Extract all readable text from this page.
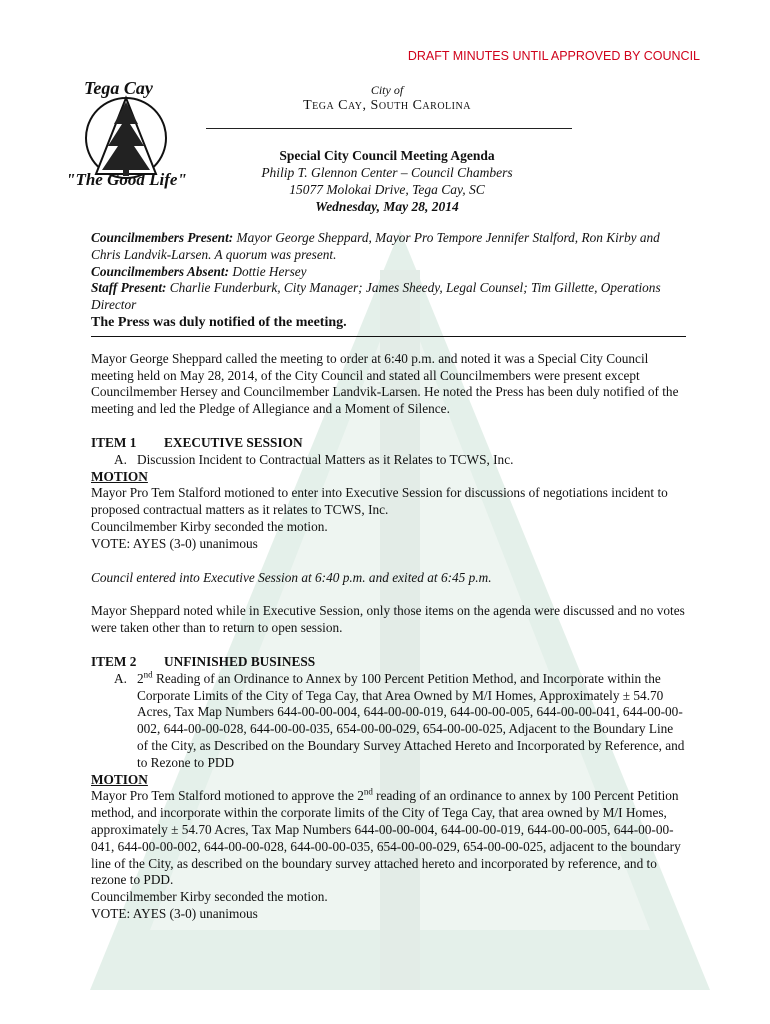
DRAFT MINUTES UNTIL APPROVED BY COUNCIL
Tega Cay
"The Good Life"
City of
Tega Cay, South Carolina
Special City Council Meeting Agenda
Philip T. Glennon Center – Council Chambers
15077 Molokai Drive, Tega Cay, SC
Wednesday, May 28, 2014

Councilmembers Present: Mayor George Sheppard, Mayor Pro Tempore Jennifer Stalford, Ron Kirby and Chris Landvik-Larsen. A quorum was present.

Councilmembers Absent: Dottie Hersey

Staff Present: Charlie Funderburk, City Manager; James Sheedy, Legal Counsel; Tim Gillette, Operations Director

The Press was duly notified of the meeting.

Mayor George Sheppard called the meeting to order at 6:40 p.m. and noted it was a Special City Council meeting held on May 28, 2014, of the City Council and stated all Councilmembers were present except Councilmember Hersey and Councilmember Landvik-Larsen. He noted the Press has been duly notified of the meeting and led the Pledge of Allegiance and a Moment of Silence.

ITEM 1 EXECUTIVE SESSION

A. Discussion Incident to Contractual Matters as it Relates to TCWS, Inc.

MOTION

Mayor Pro Tem Stalford motioned to enter into Executive Session for discussions of negotiations incident to proposed contractual matters as it relates to TCWS, Inc.

Councilmember Kirby seconded the motion.

VOTE: AYES (3-0) unanimous

Council entered into Executive Session at 6:40 p.m. and exited at 6:45 p.m.

Mayor Sheppard noted while in Executive Session, only those items on the agenda were discussed and no votes were taken other than to return to open session.

ITEM 2 UNFINISHED BUSINESS

A. 2nd Reading of an Ordinance to Annex by 100 Percent Petition Method, and Incorporate within the Corporate Limits of the City of Tega Cay, that Area Owned by M/I Homes, Approximately ± 54.70 Acres, Tax Map Numbers 644-00-00-004, 644-00-00-019, 644-00-00-005, 644-00-00-041, 644-00-00-002, 644-00-00-028, 644-00-00-035, 654-00-00-029, 654-00-00-025, Adjacent to the Boundary Line of the City, as Described on the Boundary Survey Attached Hereto and Incorporated by Reference, and to Rezone to PDD

MOTION

Mayor Pro Tem Stalford motioned to approve the 2nd reading of an ordinance to annex by 100 Percent Petition method, and incorporate within the corporate limits of the City of Tega Cay, that area owned by M/I Homes, approximately ± 54.70 Acres, Tax Map Numbers 644-00-00-004, 644-00-00-019, 644-00-00-005, 644-00-00-041, 644-00-00-002, 644-00-00-028, 644-00-00-035, 654-00-00-029, 654-00-00-025, adjacent to the boundary line of the City, as described on the boundary survey attached hereto and incorporated by reference, and to rezone to PDD.

Councilmember Kirby seconded the motion.

VOTE: AYES (3-0) unanimous
